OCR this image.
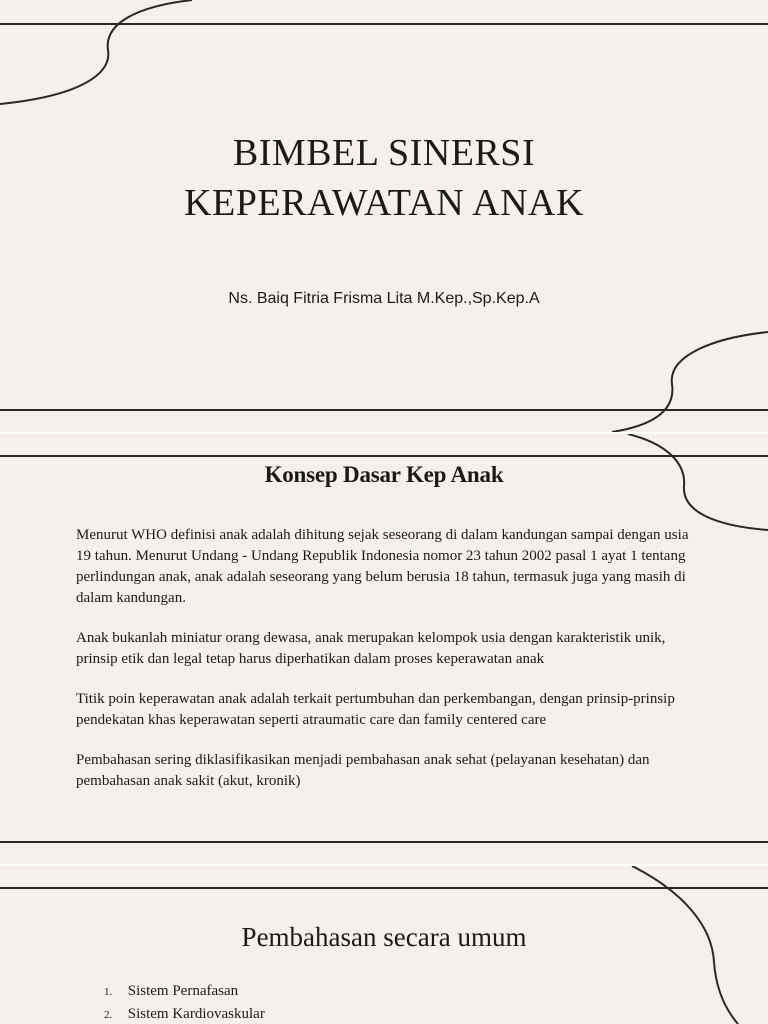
BIMBEL SINERSI
KEPERAWATAN ANAK
Ns. Baiq Fitria Frisma Lita M.Kep.,Sp.Kep.A
Konsep Dasar Kep Anak

Menurut WHO definisi anak adalah dihitung sejak seseorang di dalam kandungan sampai dengan usia 19 tahun. Menurut Undang - Undang Republik Indonesia nomor 23 tahun 2002 pasal 1 ayat 1 tentang perlindungan anak, anak adalah seseorang yang belum berusia 18 tahun, termasuk juga yang masih di dalam kandungan.

Anak bukanlah miniatur orang dewasa, anak merupakan kelompok usia dengan karakteristik unik, prinsip etik dan legal tetap harus diperhatikan dalam proses keperawatan anak

Titik poin keperawatan anak adalah terkait pertumbuhan dan perkembangan, dengan prinsip-prinsip pendekatan khas keperawatan seperti atraumatic care dan family centered care

Pembahasan sering diklasifikasikan menjadi pembahasan anak sehat (pelayanan kesehatan) dan pembahasan anak sakit (akut, kronik)

Pembahasan secara umum
1. Sistem Pernafasan
2. Sistem Kardiovaskular
